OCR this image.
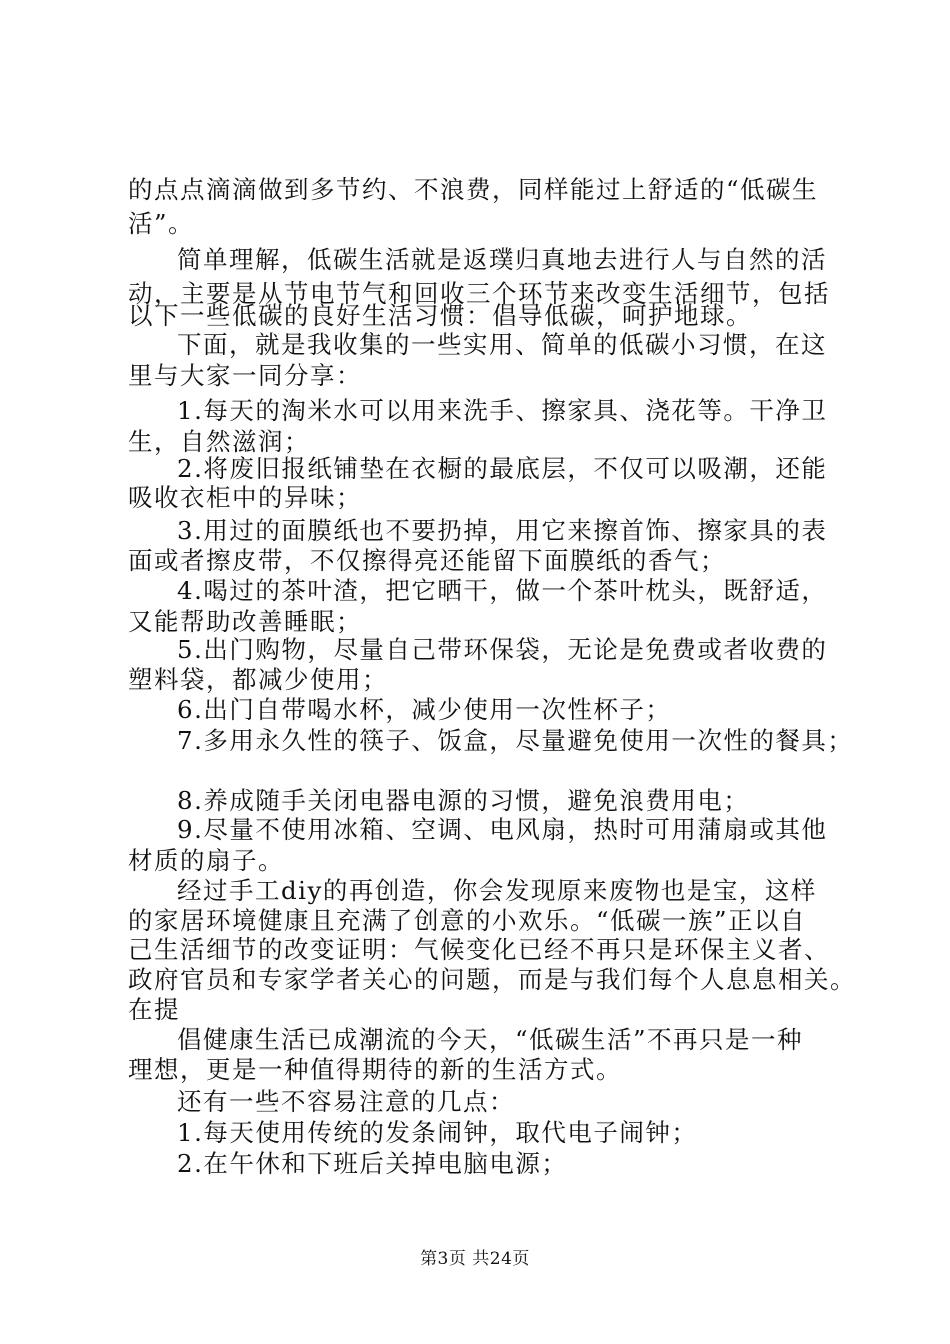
的点点滴滴做到多节约、不浪费，同样能过上舒适的“低碳生
活”。
简单理解，低碳生活就是返璞归真地去进行人与自然的活
动，主要是从节电节气和回收三个环节来改变生活细节，包括
以下一些低碳的良好生活习惯：倡导低碳，呵护地球。
下面，就是我收集的一些实用、简单的低碳小习惯，在这
里与大家一同分享：
1.每天的淘米水可以用来洗手、擦家具、浇花等。干净卫
生，自然滋润；
2.将废旧报纸铺垫在衣橱的最底层，不仅可以吸潮，还能
吸收衣柜中的异味；
3.用过的面膜纸也不要扔掉，用它来擦首饰、擦家具的表
面或者擦皮带，不仅擦得亮还能留下面膜纸的香气；
4.喝过的茶叶渣，把它晒干，做一个茶叶枕头，既舒适，
又能帮助改善睡眠；
5.出门购物，尽量自己带环保袋，无论是免费或者收费的
塑料袋，都减少使用；
6.出门自带喝水杯，减少使用一次性杯子；
7.多用永久性的筷子、饭盒，尽量避免使用一次性的餐具；
8.养成随手关闭电器电源的习惯，避免浪费用电；
9.尽量不使用冰箱、空调、电风扇，热时可用蒲扇或其他
材质的扇子。
经过手工diy的再创造，你会发现原来废物也是宝，这样
的家居环境健康且充满了创意的小欢乐。“低碳一族”正以自
己生活细节的改变证明：气候变化已经不再只是环保主义者、
政府官员和专家学者关心的问题，而是与我们每个人息息相关。
在提
倡健康生活已成潮流的今天，“低碳生活”不再只是一种
理想，更是一种值得期待的新的生活方式。
还有一些不容易注意的几点：
1.每天使用传统的发条闹钟，取代电子闹钟；
2.在午休和下班后关掉电脑电源；
第3页 共24页
